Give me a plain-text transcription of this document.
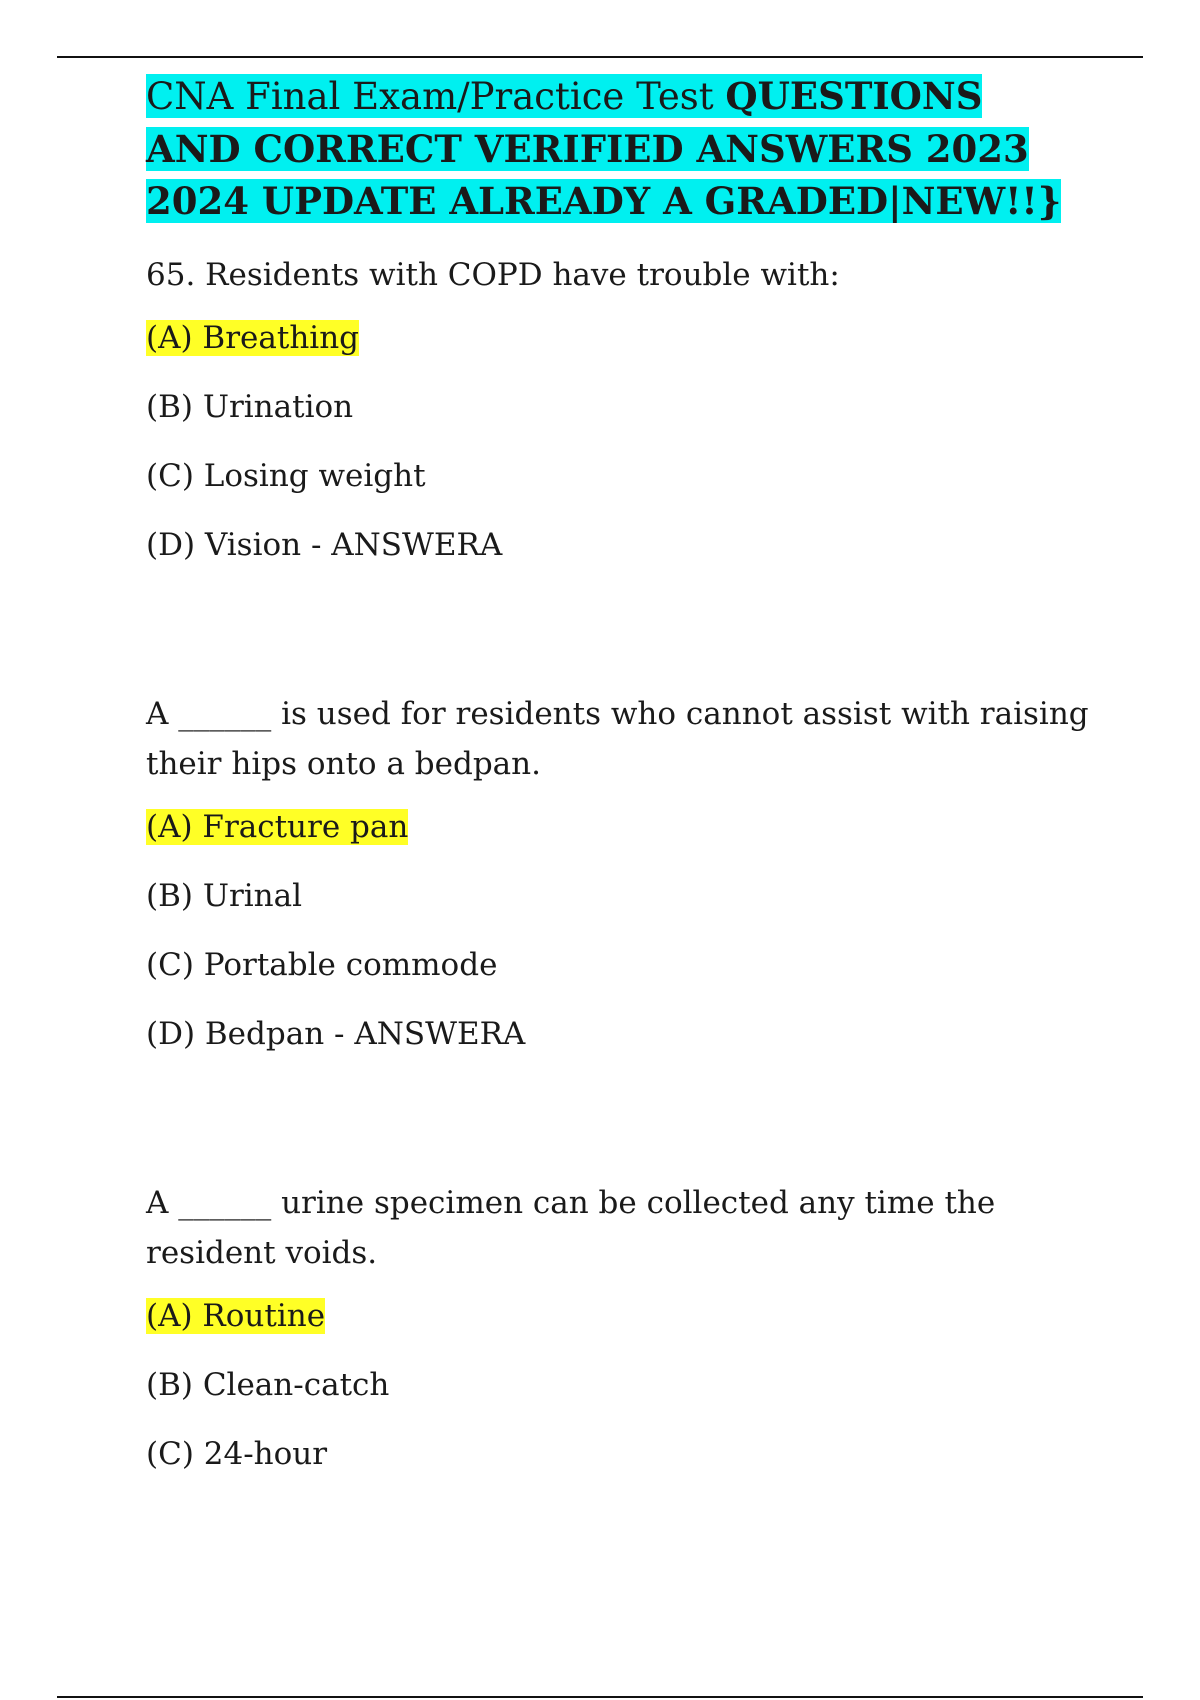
CNA Final Exam/Practice Test QUESTIONS AND CORRECT VERIFIED ANSWERS 2023 2024 UPDATE ALREADY A GRADED|NEW!!}

65. Residents with COPD have trouble with:

(A) Breathing

(B) Urination

(C) Losing weight

(D) Vision - ANSWERA

A ______ is used for residents who cannot assist with raising their hips onto a bedpan.

(A) Fracture pan

(B) Urinal

(C) Portable commode

(D) Bedpan - ANSWERA

A ______ urine specimen can be collected any time the resident voids.

(A) Routine

(B) Clean-catch

(C) 24-hour
